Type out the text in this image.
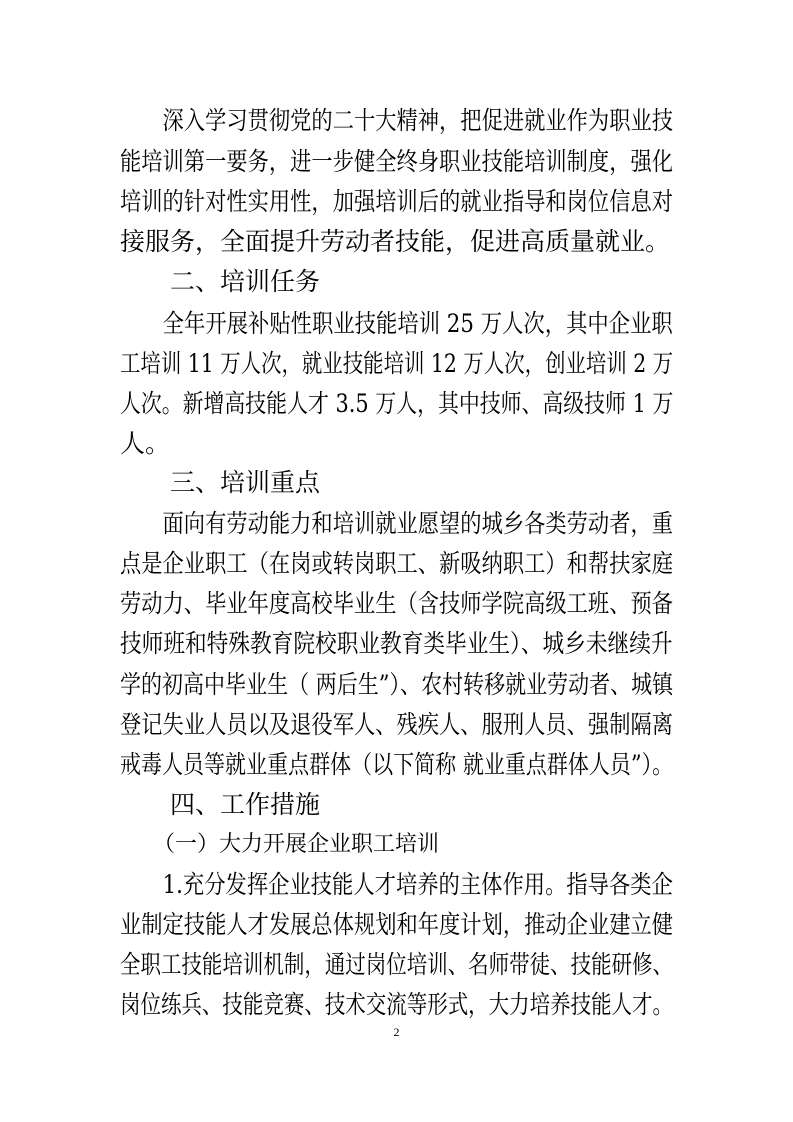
　　深入学习贯彻党的二十大精神，把促进就业作为职业技
能培训第一要务，进一步健全终身职业技能培训制度，强化
培训的针对性实用性，加强培训后的就业指导和岗位信息对
接服务，全面提升劳动者技能，促进高质量就业。
　　二、培训任务
　　全年开展补贴性职业技能培训 25 万人次，其中企业职
工培训 11 万人次，就业技能培训 12 万人次，创业培训 2 万
人次。新增高技能人才 3.5 万人，其中技师、高级技师 1 万
人。
　　三、培训重点
　　面向有劳动能力和培训就业愿望的城乡各类劳动者，重
点是企业职工（在岗或转岗职工、新吸纳职工）和帮扶家庭
劳动力、毕业年度高校毕业生（含技师学院高级工班、预备
技师班和特殊教育院校职业教育类毕业生）、城乡未继续升
学的初高中毕业生（ 两后生”）、农村转移就业劳动者、城镇
登记失业人员以及退役军人、残疾人、服刑人员、强制隔离
戒毒人员等就业重点群体（以下简称 就业重点群体人员”）。
　　四、工作措施
　　（一）大力开展企业职工培训
　　1.充分发挥企业技能人才培养的主体作用。指导各类企
业制定技能人才发展总体规划和年度计划，推动企业建立健
全职工技能培训机制，通过岗位培训、名师带徒、技能研修、
岗位练兵、技能竞赛、技术交流等形式，大力培养技能人才。
2
